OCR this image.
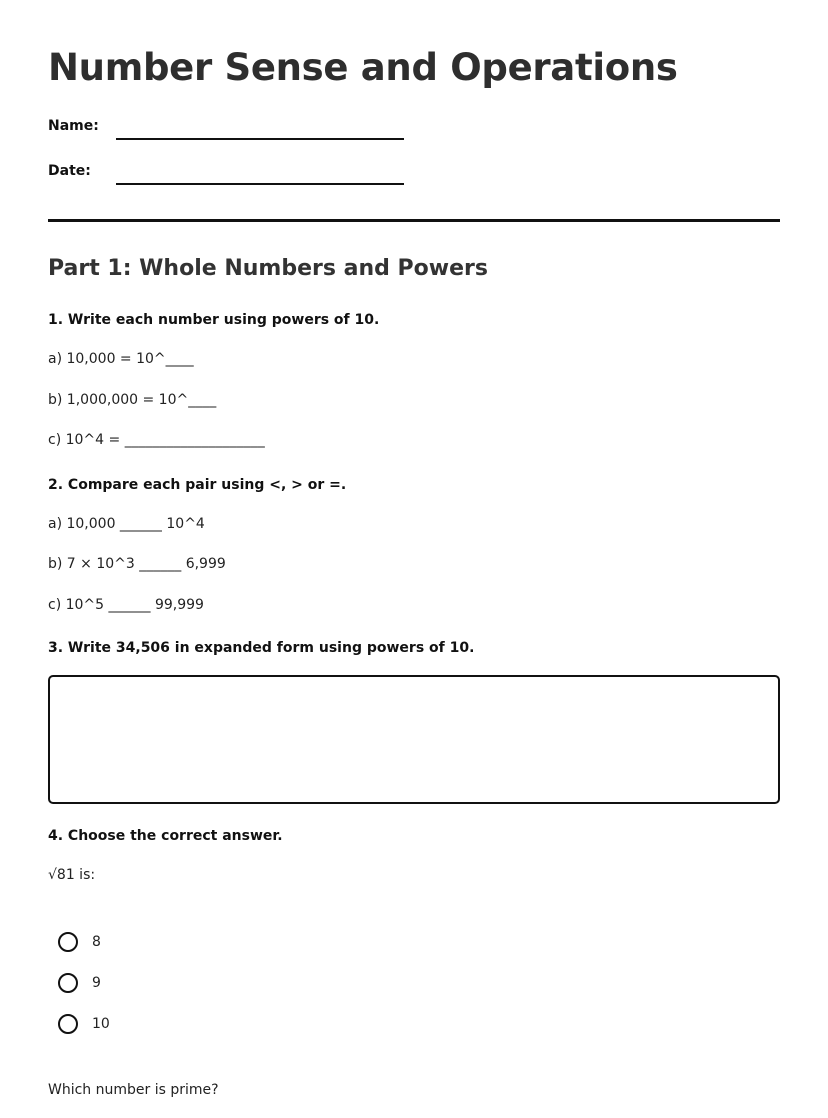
Number Sense and Operations
Name:
Date:
Part 1: Whole Numbers and Powers
1. Write each number using powers of 10.
a) 10,000 = 10^____
b) 1,000,000 = 10^____
c) 10^4 = ____________________
2. Compare each pair using <, > or =.
a) 10,000 ______ 10^4
b) 7 × 10^3 ______ 6,999
c) 10^5 ______ 99,999
3. Write 34,506 in expanded form using powers of 10.
4. Choose the correct answer.
√81 is:
8
9
10
Which number is prime?
